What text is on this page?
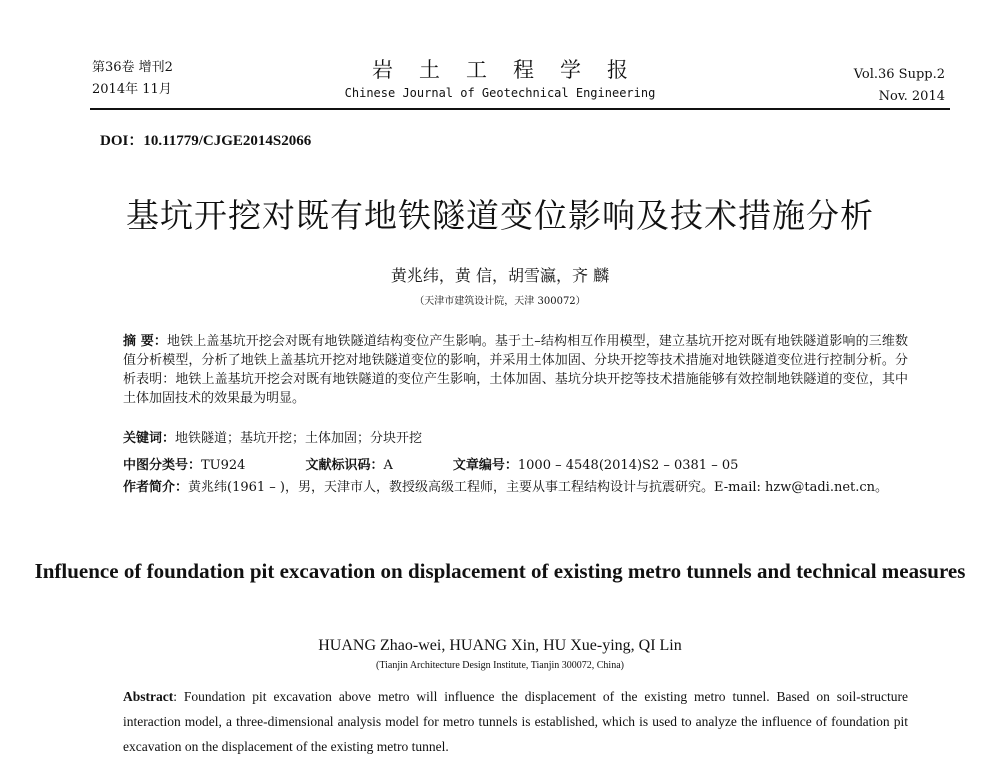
第36卷 增刊2
2014年 11月
岩土工程学报
Chinese Journal of Geotechnical Engineering
Vol.36 Supp.2
Nov. 2014
DOI：10.11779/CJGE2014S2066
基坑开挖对既有地铁隧道变位影响及技术措施分析
黄兆纬，黄 信，胡雪瀛，齐 麟
（天津市建筑设计院，天津 300072）
摘 要：地铁上盖基坑开挖会对既有地铁隧道结构变位产生影响。基于土–结构相互作用模型，建立基坑开挖对既有地铁隧道影响的三维数值分析模型，分析了地铁上盖基坑开挖对地铁隧道变位的影响，并采用土体加固、分块开挖等技术措施对地铁隧道变位进行控制分析。分析表明：地铁上盖基坑开挖会对既有地铁隧道的变位产生影响，土体加固、基坑分块开挖等技术措施能够有效控制地铁隧道的变位，其中土体加固技术的效果最为明显。
关键词：地铁隧道；基坑开挖；土体加固；分块开挖
中图分类号：TU924	文献标识码：A	文章编号：1000 – 4548(2014)S2 – 0381 – 05
作者简介：黄兆纬(1961 – )，男，天津市人，教授级高级工程师，主要从事工程结构设计与抗震研究。E-mail: hzw@tadi.net.cn。
Influence of foundation pit excavation on displacement of existing metro tunnels and technical measures
HUANG Zhao-wei, HUANG Xin, HU Xue-ying, QI Lin
(Tianjin Architecture Design Institute, Tianjin 300072, China)
Abstract: Foundation pit excavation above metro will influence the displacement of the existing metro tunnel. Based on soil-structure interaction model, a three-dimensional analysis model for metro tunnels is established, which is used to analyze the influence of foundation pit excavation on the displacement of the existing metro tunnel.
